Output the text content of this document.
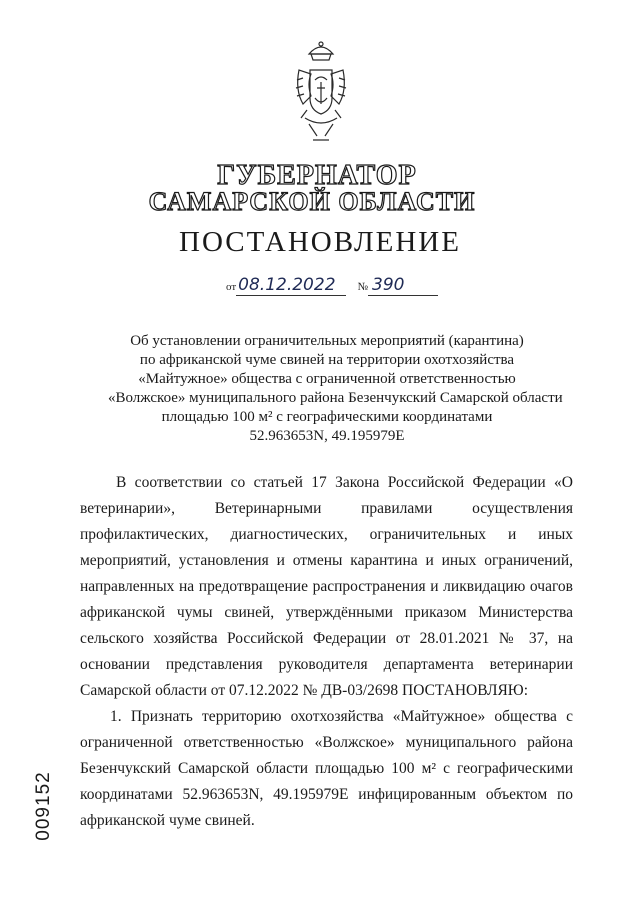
ГУБЕРНАТОР
САМАРСКОЙ ОБЛАСТИ
ПОСТАНОВЛЕНИЕ
от 08.12.2022 № 390
Об установлении ограничительных мероприятий (карантина)
по африканской чуме свиней на территории охотхозяйства
«Майтужное» общества с ограниченной ответственностью
«Волжское» муниципального района Безенчукский Самарской области
площадью 100 м² с географическими координатами
52.963653N, 49.195979E

В соответствии со статьей 17 Закона Российской Федерации «О ветеринарии», Ветеринарными правилами осуществления профилактических, диагностических, ограничительных и иных мероприятий, установления и отмены карантина и иных ограничений, направленных на предотвращение распространения и ликвидацию очагов африканской чумы свиней, утверждёнными приказом Министерства сельского хозяйства Российской Федерации от 28.01.2021 № 37, на основании представления руководителя департамента ветеринарии Самарской области от 07.12.2022 № ДВ-03/2698 ПОСТАНОВЛЯЮ:

1. Признать территорию охотхозяйства «Майтужное» общества с ограниченной ответственностью «Волжское» муниципального района Безенчукский Самарской области площадью 100 м² с географическими координатами 52.963653N, 49.195979E инфицированным объектом по африканской чуме свиней.

009152
